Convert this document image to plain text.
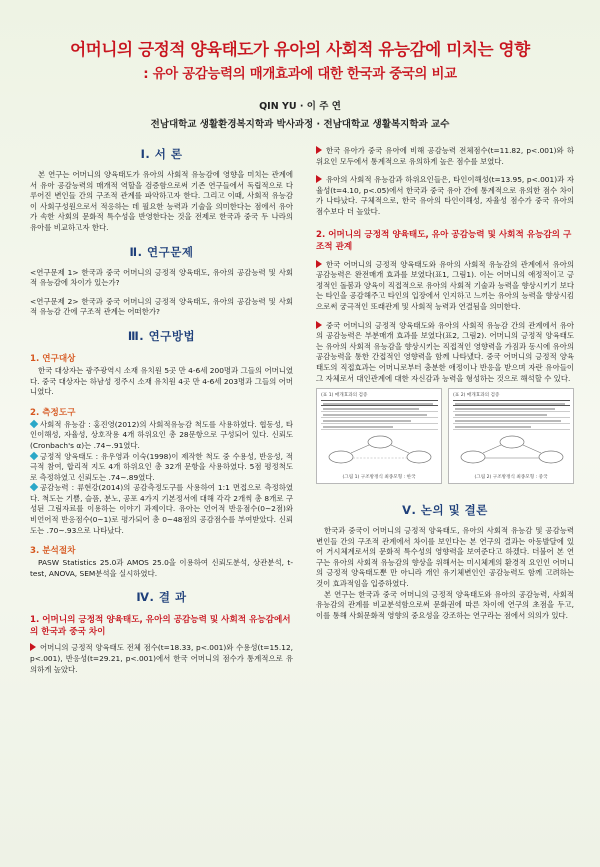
어머니의 긍정적 양육태도가 유아의 사회적 유능감에 미치는 영향
: 유아 공감능력의 매개효과에 대한 한국과 중국의 비교
QIN YU · 이 주 연
전남대학교 생활환경복지학과 박사과정 · 전남대학교 생활복지학과 교수
Ⅰ. 서 론

본 연구는 어머니의 양육태도가 유아의 사회적 유능감에 영향을 미치는 관계에서 유아 공감능력의 매개적 역할을 검증함으로써 기존 연구들에서 독립적으로 다루어진 변인들 간의 구조적 관계를 파악하고자 한다. 그리고 이때, 사회적 유능감이 사회구성원으로서 적응하는 데 필요한 능력과 기술을 의미한다는 점에서 유아가 속한 사회의 문화적 특수성을 반영한다는 것을 전제로 한국과 중국 두 나라의 유아를 비교하고자 한다.

Ⅱ. 연구문제

<연구문제 1> 한국과 중국 어머니의 긍정적 양육태도, 유아의 공감능력 및 사회적 유능감에 차이가 있는가?

<연구문제 2> 한국과 중국 어머니의 긍정적 양육태도, 유아의 공감능력 및 사회적 유능감 간에 구조적 관계는 어떠한가?

Ⅲ. 연구방법
1. 연구대상

한국 대상자는 광주광역시 소재 유치원 5곳 만 4-6세 200명과 그들의 어머니였다. 중국 대상자는 하남성 정주시 소재 유치원 4곳 만 4-6세 203명과 그들의 어머니였다.

2. 측정도구

사회적 유능감 : 홍진영(2012)의 사회적유능감 척도를 사용하였다. 협동성, 타인이해성, 자율성, 상호작용 4개 하위요인 총 28문항으로 구성되어 있다. 신뢰도(Cronbach's α)는 .74~.91였다.

긍정적 양육태도 : 유우영과 이숙(1998)이 제작한 척도 중 수용성, 반응성, 적극적 참여, 합리적 지도 4개 하위요인 총 32개 문항을 사용하였다. 5점 평정척도로 측정하였고 신뢰도는 .74~.89였다.

공감능력 : 류현강(2014)의 공감측정도구를 사용하여 1:1 면접으로 측정하였다. 척도는 기쁨, 슬픔, 분노, 공포 4가지 기본정서에 대해 각각 2개씩 총 8개로 구성된 그림자료를 이용하는 이야기 과제이다. 유아는 언어적 반응점수(0~2점)와 비언어적 반응점수(0~1)로 평가되어 총 0~48점의 공감점수를 부여받았다. 신뢰도는 .70~.93으로 나타났다.

3. 분석절차

PASW Statistics 25.0과 AMOS 25.0을 이용하여 신뢰도분석, 상관분석, t-test, ANOVA, SEM분석을 실시하였다.

Ⅳ. 결 과
1. 어머니의 긍정적 양육태도, 유아의 공감능력 및 사회적 유능감에서의 한국과 중국 차이

어머니의 긍정적 양육태도 전체 점수(t=18.33, p<.001)와 수용성(t=15.12, p<.001), 반응성(t=29.21, p<.001)에서 한국 어머니의 점수가 통계적으로 유의하게 높았다.

한국 유아가 중국 유아에 비해 공감능력 전체점수(t=11.82, p<.001)와 하위요인 모두에서 통계적으로 유의하게 높은 점수를 보였다.

유아의 사회적 유능감과 하위요인들은, 타인이해성(t=13.95, p<.001)과 자율성(t=4.10, p<.05)에서 한국과 중국 유아 간에 통계적으로 유의한 점수 차이가 나타났다. 구체적으로, 한국 유아의 타인이해성, 자율성 점수가 중국 유아의 점수보다 더 높았다.

2. 어머니의 긍정적 양육태도, 유아 공감능력 및 사회적 유능감의 구조적 관계

한국 어머니의 긍정적 양육태도와 유아의 사회적 유능감의 관계에서 유아의 공감능력은 완전매개 효과를 보였다(표1, 그림1). 이는 어머니의 애정적이고 긍정적인 돌봄과 양육이 직접적으로 유아의 사회적 기술과 능력을 향상시키기 보다는 타인을 공감해주고 타인의 입장에서 인지하고 느끼는 유아의 능력을 향상시킴으로써 궁극적인 또래관계 및 사회적 능력과 연결됨을 의미한다.

중국 어머니의 긍정적 양육태도와 유아의 사회적 유능감 간의 관계에서 유아의 공감능력은 부분매개 효과를 보였다(표2, 그림2). 어머니의 긍정적 양육태도는 유아의 사회적 유능감을 향상시키는 직접적인 영향력을 가짐과 동시에 유아의 공감능력을 통한 간접적인 영향력을 함께 나타냈다. 중국 어머니의 긍정적 양육태도의 직접효과는 어머니로부터 충분한 애정이나 반응을 받으며 자란 유아들이 그 자체로서 대인관계에 대한 자신감과 능력을 형성하는 것으로 해석할 수 있다.

(표 1) 매개효과의 검증
(그림 1) 구조방정식 최종모형 : 한국
(표 2) 매개효과의 검증
(그림 2) 구조방정식 최종모형 : 중국
Ⅴ. 논의 및 결론

한국과 중국이 어머니의 긍정적 양육태도, 유아의 사회적 유능감 및 공감능력 변인들 간의 구조적 관계에서 차이를 보인다는 본 연구의 결과는 아동발달에 있어 거시체계로서의 문화적 특수성의 영향력을 보여준다고 하겠다. 더불어 본 연구는 유아의 사회적 유능감의 향상을 위해서는 미시체계의 환경적 요인인 어머니의 긍정적 양육태도뿐 만 아니라 개인 유기체변인인 공감능력도 함께 고려하는 것이 효과적임을 입증하였다.

본 연구는 한국과 중국 어머니의 긍정적 양육태도와 유아의 공감능력, 사회적 유능감의 관계를 비교분석함으로써 문화권에 따른 차이에 연구의 초점을 두고, 이를 통해 사회문화적 영향의 중요성을 강조하는 연구라는 점에서 의의가 있다.
